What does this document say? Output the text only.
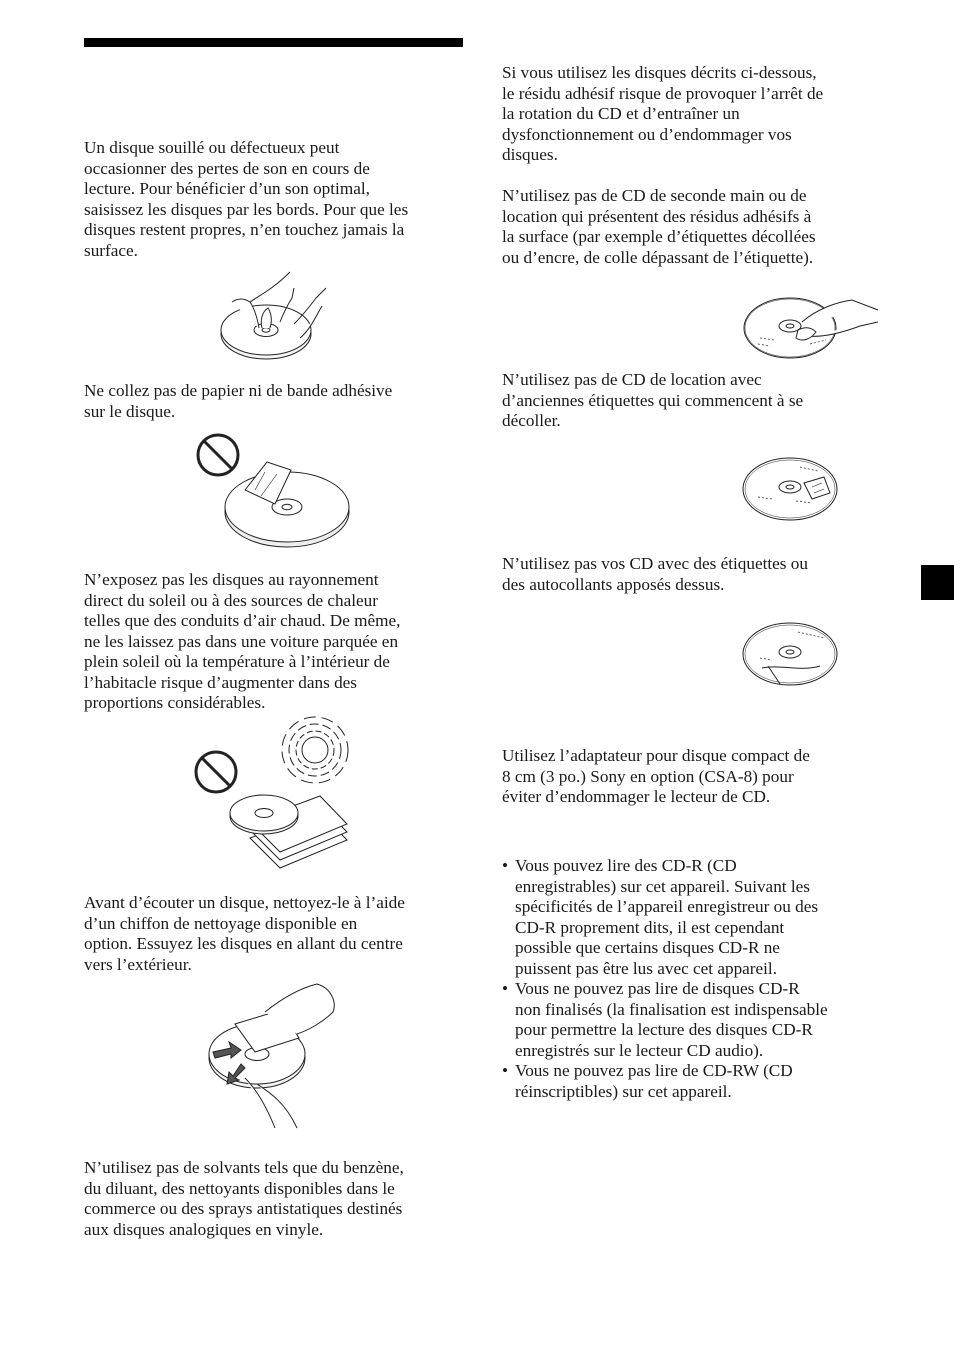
Un disque souillé ou défectueux peut
occasionner des pertes de son en cours de
lecture. Pour bénéficier d’un son optimal,
saisissez les disques par les bords. Pour que les
disques restent propres, n’en touchez jamais la
surface.

Ne collez pas de papier ni de bande adhésive
sur le disque.

N’exposez pas les disques au rayonnement
direct du soleil ou à des sources de chaleur
telles que des conduits d’air chaud. De même,
ne les laissez pas dans une voiture parquée en
plein soleil où la température à l’intérieur de
l’habitacle risque d’augmenter dans des
proportions considérables.

Avant d’écouter un disque, nettoyez-le à l’aide
d’un chiffon de nettoyage disponible en
option. Essuyez les disques en allant du centre
vers l’extérieur.

N’utilisez pas de solvants tels que du benzène,
du diluant, des nettoyants disponibles dans le
commerce ou des sprays antistatiques destinés
aux disques analogiques en vinyle.

Si vous utilisez les disques décrits ci-dessous,
le résidu adhésif risque de provoquer l’arrêt de
la rotation du CD et d’entraîner un
dysfonctionnement ou d’endommager vos
disques.

N’utilisez pas de CD de seconde main ou de
location qui présentent des résidus adhésifs à
la surface (par exemple d’étiquettes décollées
ou d’encre, de colle dépassant de l’étiquette).

N’utilisez pas de CD de location avec
d’anciennes étiquettes qui commencent à se
décoller.

N’utilisez pas vos CD avec des étiquettes ou
des autocollants apposés dessus.

Utilisez l’adaptateur pour disque compact de
8 cm (3 po.) Sony en option (CSA-8) pour
éviter d’endommager le lecteur de CD.

• Vous pouvez lire des CD-R (CD
enregistrables) sur cet appareil. Suivant les
spécificités de l’appareil enregistreur ou des
CD-R proprement dits, il est cependant
possible que certains disques CD-R ne
puissent pas être lus avec cet appareil.
• Vous ne pouvez pas lire de disques CD-R
non finalisés (la finalisation est indispensable
pour permettre la lecture des disques CD-R
enregistrés sur le lecteur CD audio).
• Vous ne pouvez pas lire de CD-RW (CD
réinscriptibles) sur cet appareil.
